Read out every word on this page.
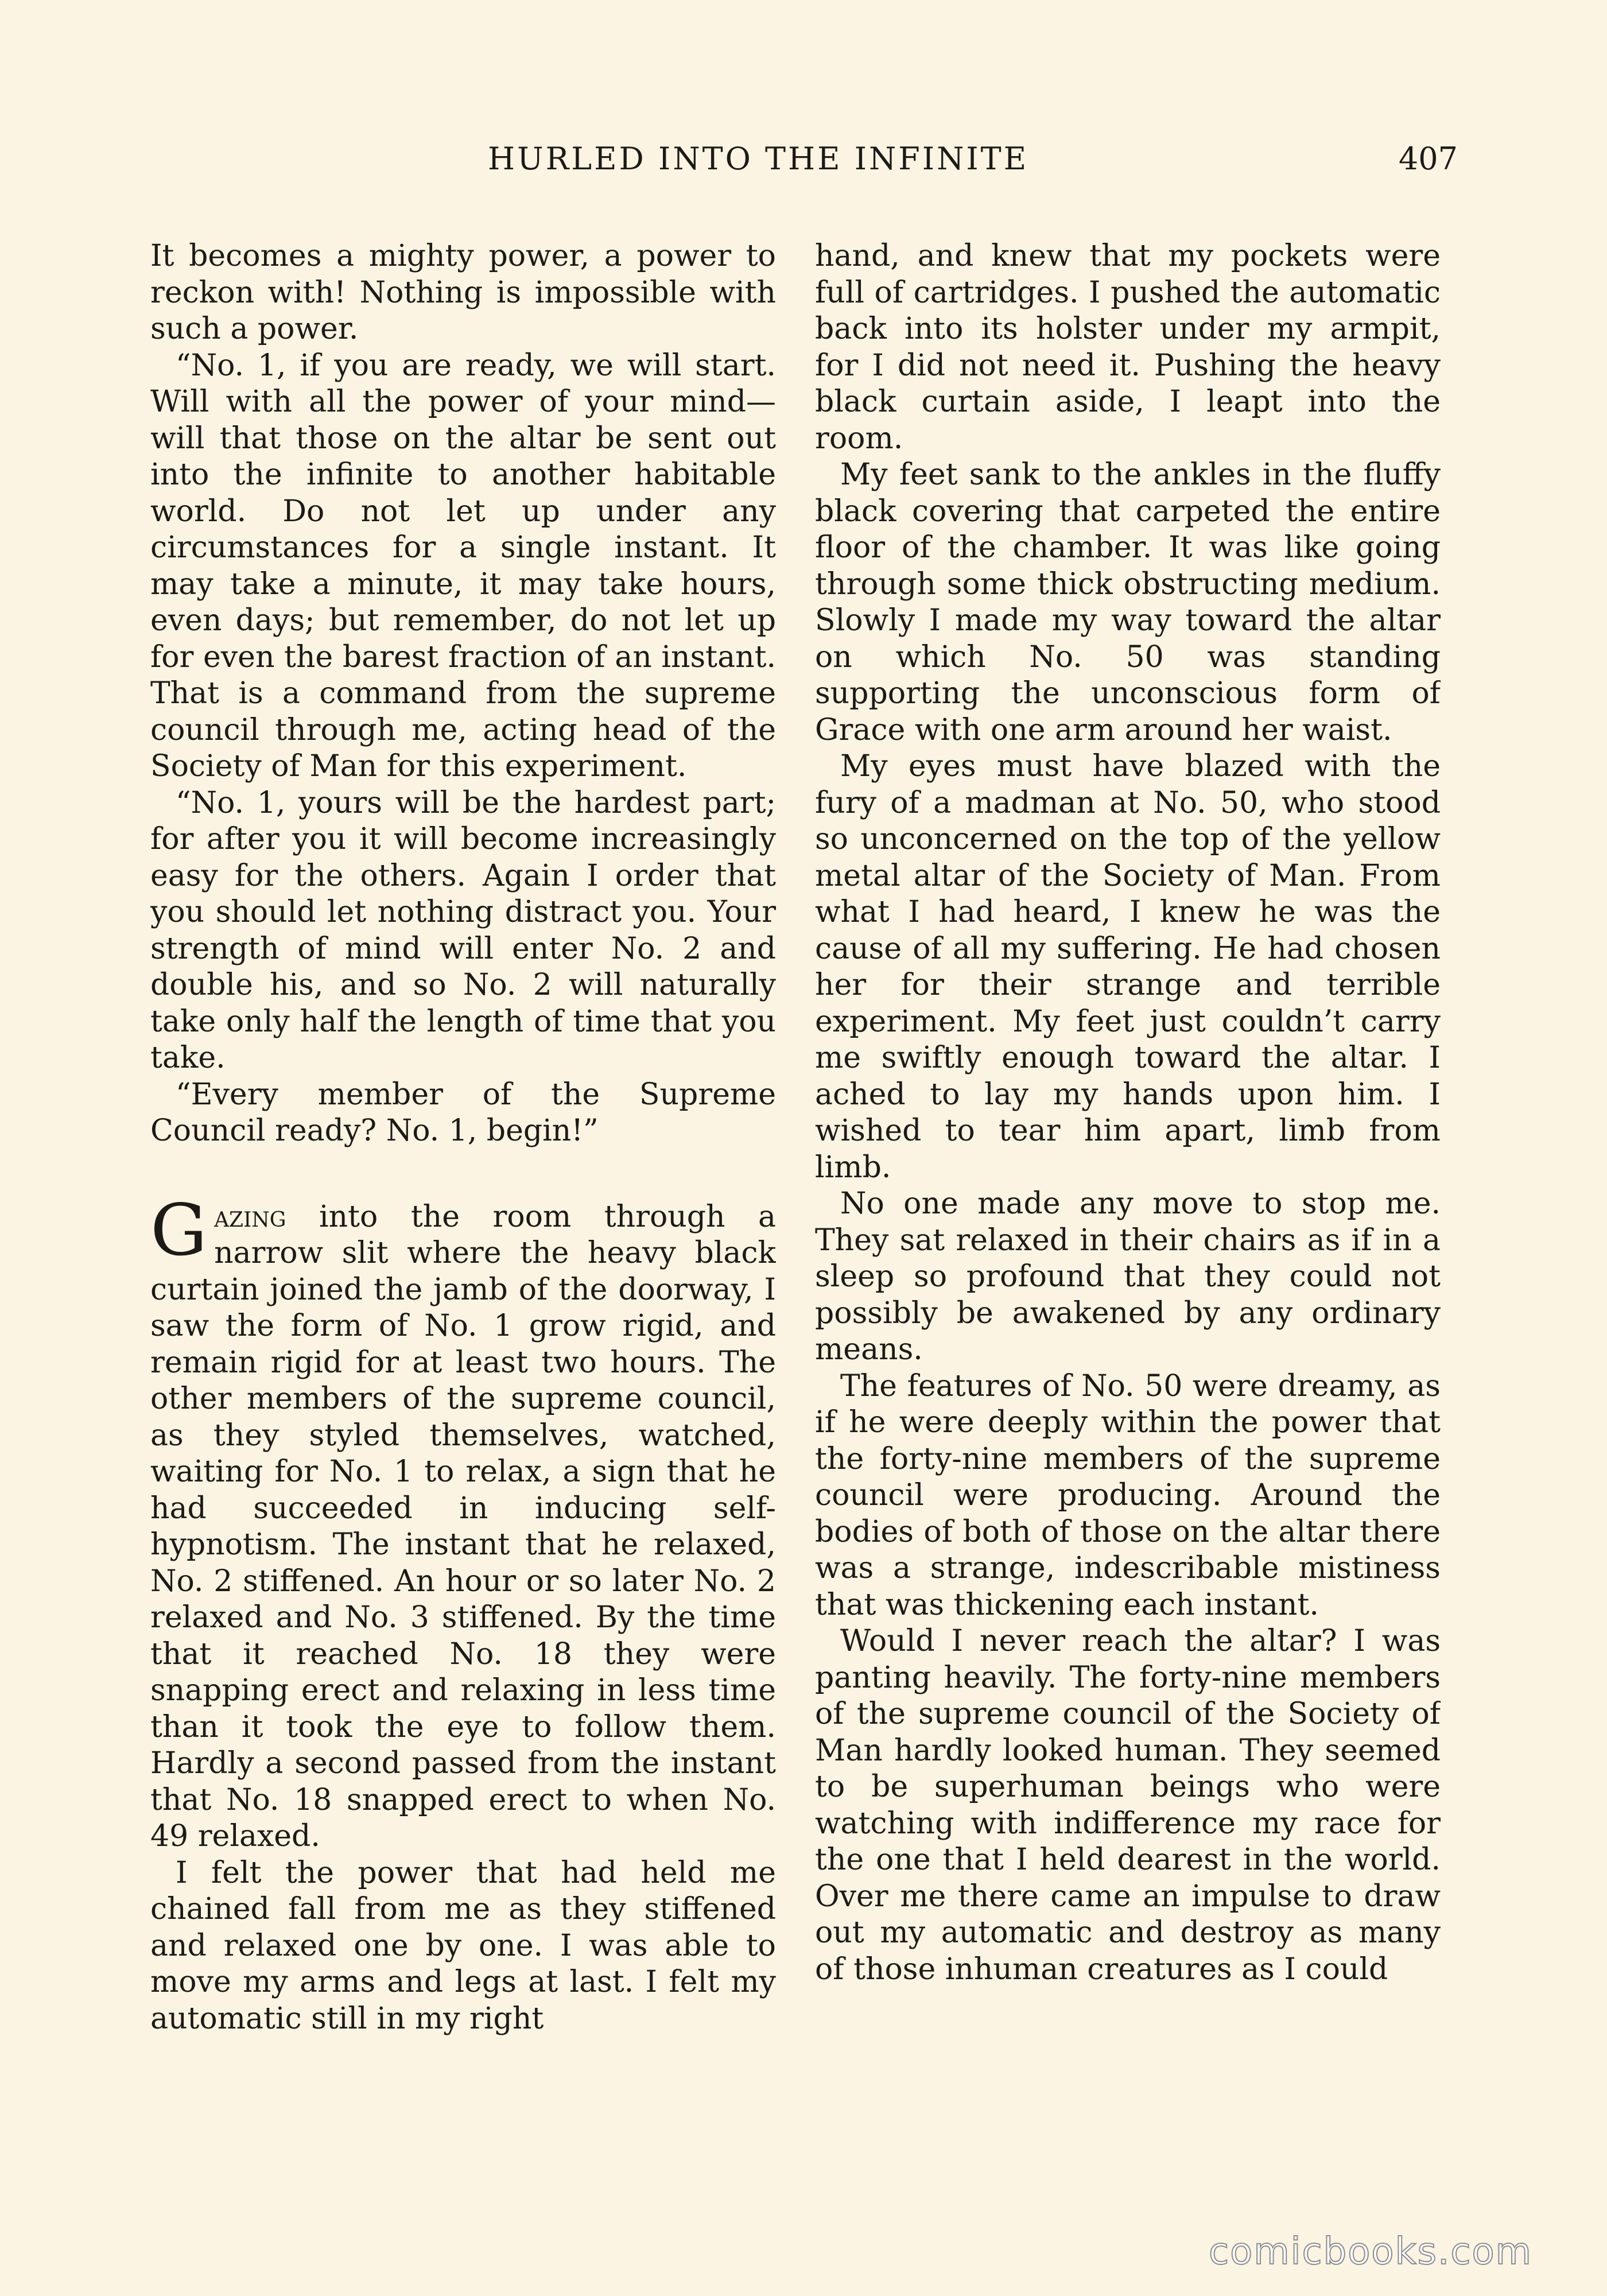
HURLED INTO THE INFINITE	407

It becomes a mighty power, a power to reckon with! Nothing is impossible with such a power.

“No. 1, if you are ready, we will start. Will with all the power of your mind—will that those on the altar be sent out into the infinite to another habitable world. Do not let up under any circumstances for a single instant. It may take a minute, it may take hours, even days; but remember, do not let up for even the barest fraction of an instant. That is a command from the supreme council through me, acting head of the Society of Man for this experiment.

“No. 1, yours will be the hardest part; for after you it will become increasingly easy for the others. Again I order that you should let nothing distract you. Your strength of mind will enter No. 2 and double his, and so No. 2 will naturally take only half the length of time that you take.

“Every member of the Supreme Council ready? No. 1, begin!”

Gazing into the room through a narrow slit where the heavy black curtain joined the jamb of the doorway, I saw the form of No. 1 grow rigid, and remain rigid for at least two hours. The other members of the supreme council, as they styled themselves, watched, waiting for No. 1 to relax, a sign that he had succeeded in inducing self-hypnotism. The instant that he relaxed, No. 2 stiffened. An hour or so later No. 2 relaxed and No. 3 stiffened. By the time that it reached No. 18 they were snapping erect and relaxing in less time than it took the eye to follow them. Hardly a second passed from the instant that No. 18 snapped erect to when No. 49 relaxed.

I felt the power that had held me chained fall from me as they stiffened and relaxed one by one. I was able to move my arms and legs at last. I felt my automatic still in my right

hand, and knew that my pockets were full of cartridges. I pushed the automatic back into its holster under my armpit, for I did not need it. Pushing the heavy black curtain aside, I leapt into the room.

My feet sank to the ankles in the fluffy black covering that carpeted the entire floor of the chamber. It was like going through some thick obstructing medium. Slowly I made my way toward the altar on which No. 50 was standing supporting the unconscious form of Grace with one arm around her waist.

My eyes must have blazed with the fury of a madman at No. 50, who stood so unconcerned on the top of the yellow metal altar of the Society of Man. From what I had heard, I knew he was the cause of all my suffering. He had chosen her for their strange and terrible experiment. My feet just couldn’t carry me swiftly enough toward the altar. I ached to lay my hands upon him. I wished to tear him apart, limb from limb.

No one made any move to stop me. They sat relaxed in their chairs as if in a sleep so profound that they could not possibly be awakened by any ordinary means.

The features of No. 50 were dreamy, as if he were deeply within the power that the forty-nine members of the supreme council were producing. Around the bodies of both of those on the altar there was a strange, indescribable mistiness that was thickening each instant.

Would I never reach the altar? I was panting heavily. The forty-nine members of the supreme council of the Society of Man hardly looked human. They seemed to be superhuman beings who were watching with indifference my race for the one that I held dearest in the world. Over me there came an impulse to draw out my automatic and destroy as many of those inhuman creatures as I could

comicbooks.com
